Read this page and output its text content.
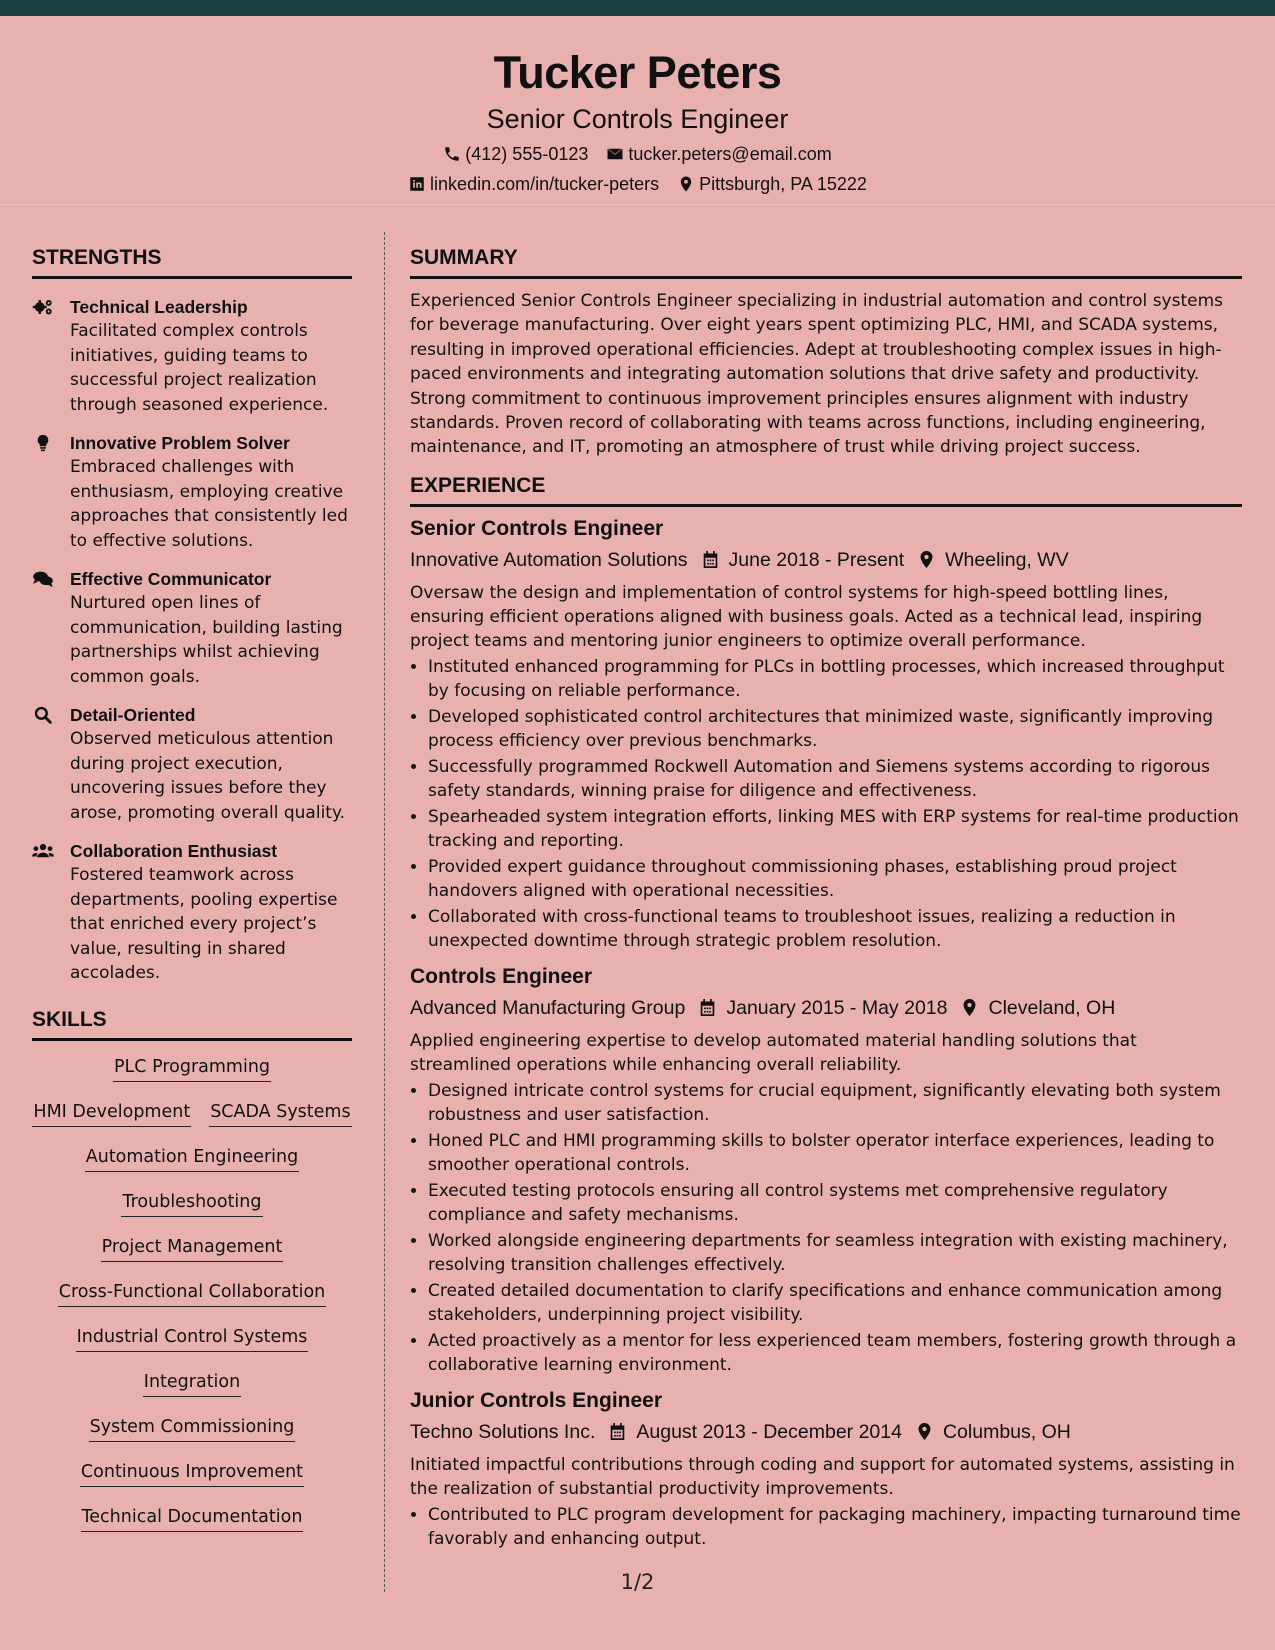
Tucker Peters
Senior Controls Engineer
(412) 555-0123 tucker.peters@email.com
linkedin.com/in/tucker-peters Pittsburgh, PA 15222
STRENGTHS
Technical Leadership
Facilitated complex controls initiatives, guiding teams to successful project realization through seasoned experience.
Innovative Problem Solver
Embraced challenges with enthusiasm, employing creative approaches that consistently led to effective solutions.
Effective Communicator
Nurtured open lines of communication, building lasting partnerships whilst achieving common goals.
Detail-Oriented
Observed meticulous attention during project execution, uncovering issues before they arose, promoting overall quality.
Collaboration Enthusiast
Fostered teamwork across departments, pooling expertise that enriched every project’s value, resulting in shared accolades.
SKILLS
PLC Programming
HMI Development SCADA Systems
Automation Engineering
Troubleshooting
Project Management
Cross-Functional Collaboration
Industrial Control Systems
Integration
System Commissioning
Continuous Improvement
Technical Documentation
SUMMARY
Experienced Senior Controls Engineer specializing in industrial automation and control systems for beverage manufacturing. Over eight years spent optimizing PLC, HMI, and SCADA systems, resulting in improved operational efficiencies. Adept at troubleshooting complex issues in high-paced environments and integrating automation solutions that drive safety and productivity. Strong commitment to continuous improvement principles ensures alignment with industry standards. Proven record of collaborating with teams across functions, including engineering, maintenance, and IT, promoting an atmosphere of trust while driving project success.
EXPERIENCE
Senior Controls Engineer
Innovative Automation Solutions June 2018 - Present Wheeling, WV
Oversaw the design and implementation of control systems for high-speed bottling lines, ensuring efficient operations aligned with business goals. Acted as a technical lead, inspiring project teams and mentoring junior engineers to optimize overall performance.
• Instituted enhanced programming for PLCs in bottling processes, which increased throughput by focusing on reliable performance.
• Developed sophisticated control architectures that minimized waste, significantly improving process efficiency over previous benchmarks.
• Successfully programmed Rockwell Automation and Siemens systems according to rigorous safety standards, winning praise for diligence and effectiveness.
• Spearheaded system integration efforts, linking MES with ERP systems for real-time production tracking and reporting.
• Provided expert guidance throughout commissioning phases, establishing proud project handovers aligned with operational necessities.
• Collaborated with cross-functional teams to troubleshoot issues, realizing a reduction in unexpected downtime through strategic problem resolution.
Controls Engineer
Advanced Manufacturing Group January 2015 - May 2018 Cleveland, OH
Applied engineering expertise to develop automated material handling solutions that streamlined operations while enhancing overall reliability.
• Designed intricate control systems for crucial equipment, significantly elevating both system robustness and user satisfaction.
• Honed PLC and HMI programming skills to bolster operator interface experiences, leading to smoother operational controls.
• Executed testing protocols ensuring all control systems met comprehensive regulatory compliance and safety mechanisms.
• Worked alongside engineering departments for seamless integration with existing machinery, resolving transition challenges effectively.
• Created detailed documentation to clarify specifications and enhance communication among stakeholders, underpinning project visibility.
• Acted proactively as a mentor for less experienced team members, fostering growth through a collaborative learning environment.
Junior Controls Engineer
Techno Solutions Inc. August 2013 - December 2014 Columbus, OH
Initiated impactful contributions through coding and support for automated systems, assisting in the realization of substantial productivity improvements.
• Contributed to PLC program development for packaging machinery, impacting turnaround time favorably and enhancing output.
1/2
